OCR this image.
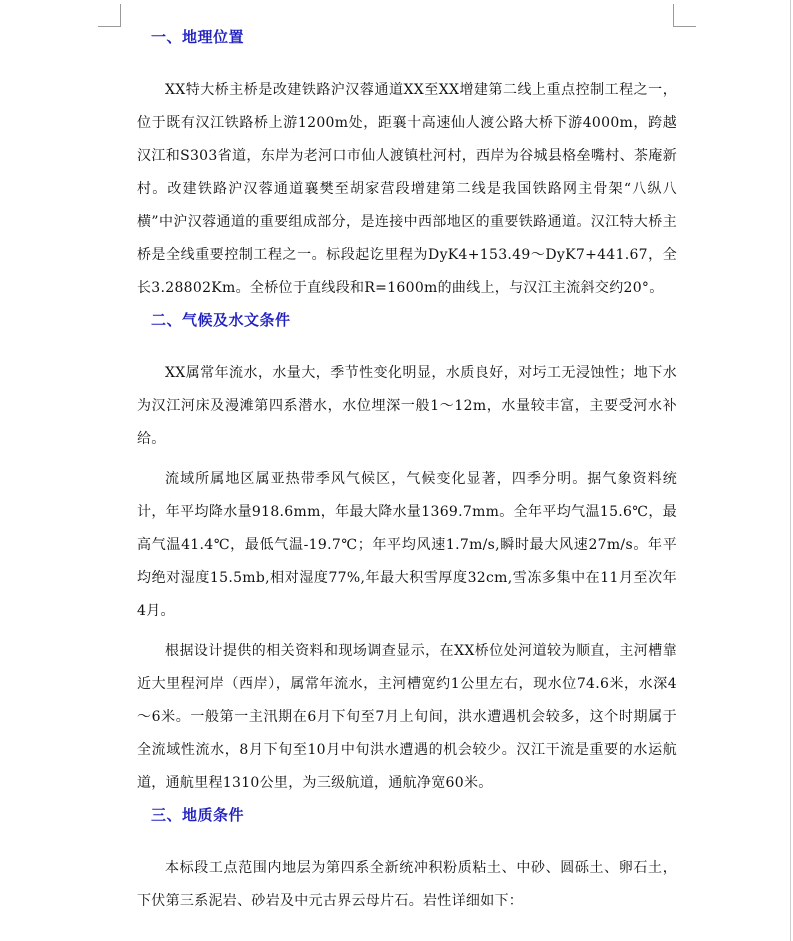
一、地理位置

XX特大桥主桥是改建铁路沪汉蓉通道XX至XX增建第二线上重点控制工程之一，位于既有汉江铁路桥上游1200m处，距襄十高速仙人渡公路大桥下游4000m，跨越汉江和S303省道，东岸为老河口市仙人渡镇杜河村，西岸为谷城县格垒嘴村、茶庵新村。改建铁路沪汉蓉通道襄樊至胡家营段增建第二线是我国铁路网主骨架“八纵八横”中沪汉蓉通道的重要组成部分，是连接中西部地区的重要铁路通道。汉江特大桥主桥是全线重要控制工程之一。标段起讫里程为DyK4+153.49～DyK7+441.67，全长3.28802Km。全桥位于直线段和R=1600m的曲线上，与汉江主流斜交约20°。

二、气候及水文条件

XX属常年流水，水量大，季节性变化明显，水质良好，对圬工无浸蚀性；地下水为汉江河床及漫滩第四系潜水，水位埋深一般1～12m，水量较丰富，主要受河水补给。

流域所属地区属亚热带季风气候区，气候变化显著，四季分明。据气象资料统计，年平均降水量918.6mm，年最大降水量1369.7mm。全年平均气温15.6℃，最高气温41.4℃，最低气温-19.7℃；年平均风速1.7m/s,瞬时最大风速27m/s。年平均绝对湿度15.5mb,相对湿度77%,年最大积雪厚度32cm,雪冻多集中在11月至次年4月。

根据设计提供的相关资料和现场调查显示，在XX桥位处河道较为顺直，主河槽靠近大里程河岸（西岸），属常年流水，主河槽宽约1公里左右，现水位74.6米，水深4～6米。一般第一主汛期在6月下旬至7月上旬间，洪水遭遇机会较多，这个时期属于全流域性流水，8月下旬至10月中旬洪水遭遇的机会较少。汉江干流是重要的水运航道，通航里程1310公里，为三级航道，通航净宽60米。

三、地质条件

本标段工点范围内地层为第四系全新统冲积粉质粘土、中砂、圆砾土、卵石土，下伏第三系泥岩、砂岩及中元古界云母片石。岩性详细如下：
